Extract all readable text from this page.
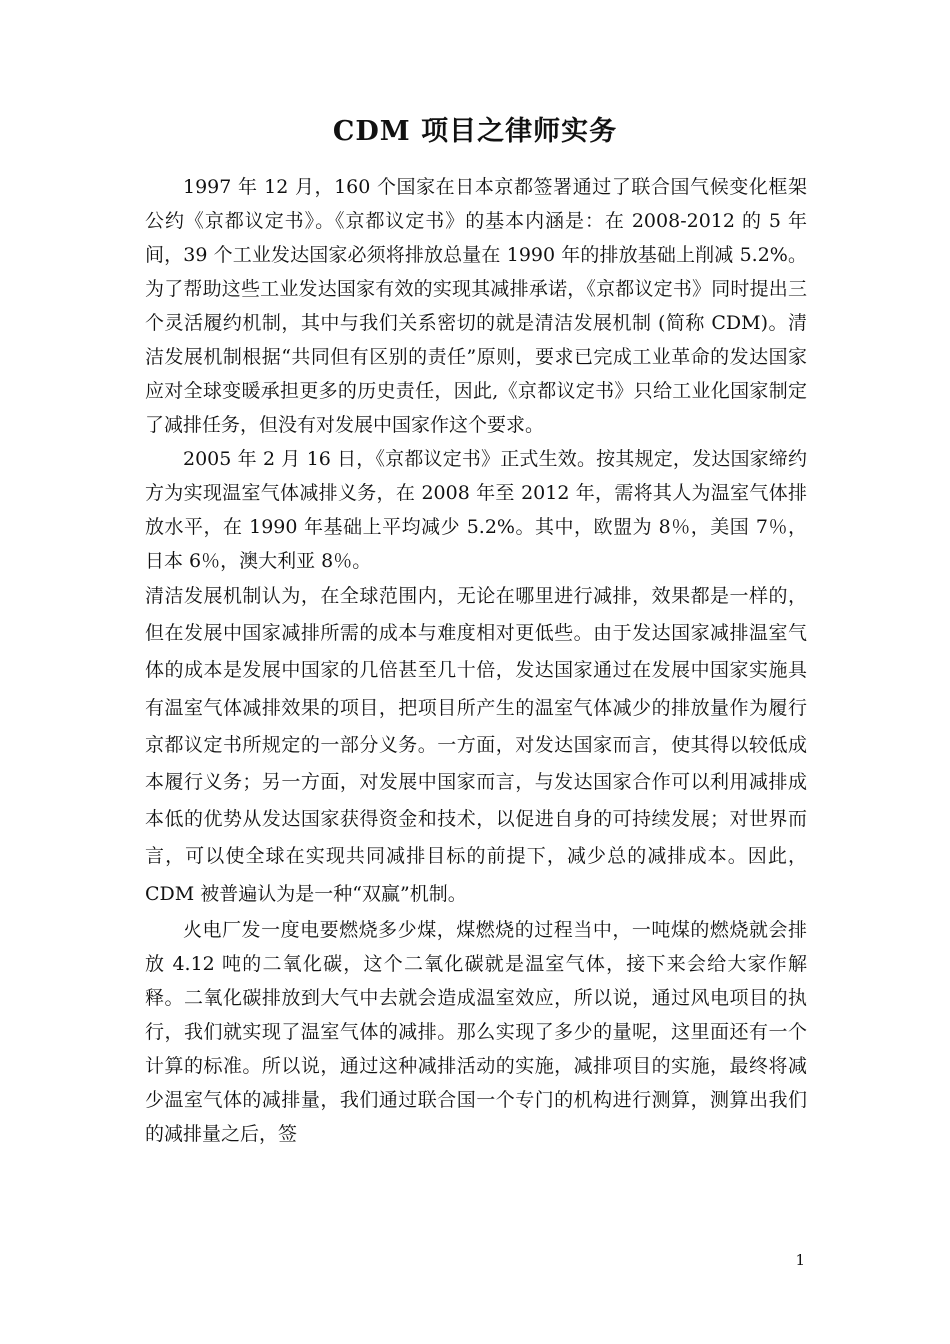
CDM 项目之律师实务

1997 年 12 月，160 个国家在日本京都签署通过了联合国气候变化框架公约《京都议定书》。《京都议定书》的基本内涵是：在 2008-2012 的 5 年间，39 个工业发达国家必须将排放总量在 1990 年的排放基础上削减 5.2%。为了帮助这些工业发达国家有效的实现其减排承诺，《京都议定书》同时提出三个灵活履约机制，其中与我们关系密切的就是清洁发展机制 (简称 CDM)。清洁发展机制根据“共同但有区别的责任”原则，要求已完成工业革命的发达国家应对全球变暖承担更多的历史责任，因此,《京都议定书》只给工业化国家制定了减排任务，但没有对发展中国家作这个要求。

2005 年 2 月 16 日，《京都议定书》正式生效。按其规定，发达国家缔约方为实现温室气体减排义务，在 2008 年至 2012 年，需将其人为温室气体排放水平，在 1990 年基础上平均减少 5.2%。其中，欧盟为 8％，美国 7％，日本 6％，澳大利亚 8％。

清洁发展机制认为，在全球范围内，无论在哪里进行减排，效果都是一样的，但在发展中国家减排所需的成本与难度相对更低些。由于发达国家减排温室气体的成本是发展中国家的几倍甚至几十倍，发达国家通过在发展中国家实施具有温室气体减排效果的项目，把项目所产生的温室气体减少的排放量作为履行京都议定书所规定的一部分义务。一方面，对发达国家而言，使其得以较低成本履行义务；另一方面，对发展中国家而言，与发达国家合作可以利用减排成本低的优势从发达国家获得资金和技术，以促进自身的可持续发展；对世界而言，可以使全球在实现共同减排目标的前提下，减少总的减排成本。因此，CDM 被普遍认为是一种“双赢”机制。

火电厂发一度电要燃烧多少煤，煤燃烧的过程当中，一吨煤的燃烧就会排放 4.12 吨的二氧化碳，这个二氧化碳就是温室气体，接下来会给大家作解释。二氧化碳排放到大气中去就会造成温室效应，所以说，通过风电项目的执行，我们就实现了温室气体的减排。那么实现了多少的量呢，这里面还有一个计算的标准。所以说，通过这种减排活动的实施，减排项目的实施，最终将减少温室气体的减排量，我们通过联合国一个专门的机构进行测算，测算出我们的减排量之后，签

1
